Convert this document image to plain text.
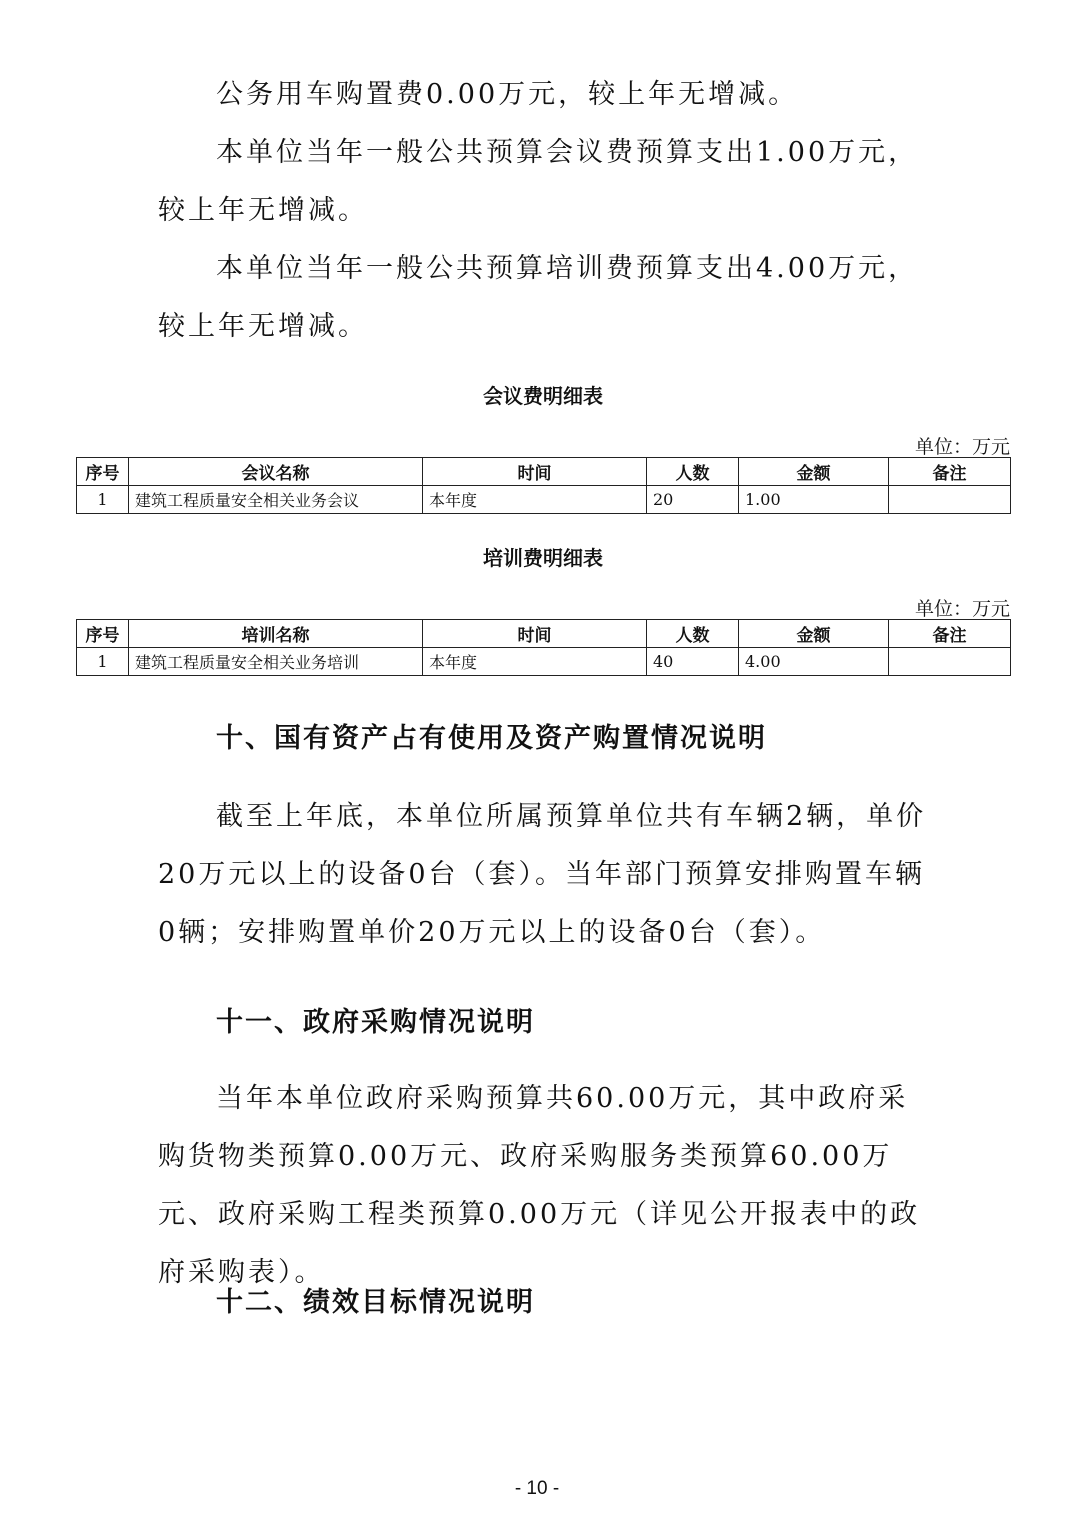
公务用车购置费0.00万元，较上年无增减。

本单位当年一般公共预算会议费预算支出1.00万元，较上年无增减。

本单位当年一般公共预算培训费预算支出4.00万元，较上年无增减。

会议费明细表

单位：万元

序号	会议名称	时间	人数	金额	备注
1	建筑工程质量安全相关业务会议	本年度	20	1.00	

培训费明细表

单位：万元

序号	培训名称	时间	人数	金额	备注
1	建筑工程质量安全相关业务培训	本年度	40	4.00	

十、国有资产占有使用及资产购置情况说明

截至上年底，本单位所属预算单位共有车辆2辆，单价20万元以上的设备0台（套）。当年部门预算安排购置车辆0辆；安排购置单价20万元以上的设备0台（套）。

十一、政府采购情况说明

当年本单位政府采购预算共60.00万元，其中政府采购货物类预算0.00万元、政府采购服务类预算60.00万元、政府采购工程类预算0.00万元（详见公开报表中的政府采购表）。

十二、绩效目标情况说明

- 10 -
